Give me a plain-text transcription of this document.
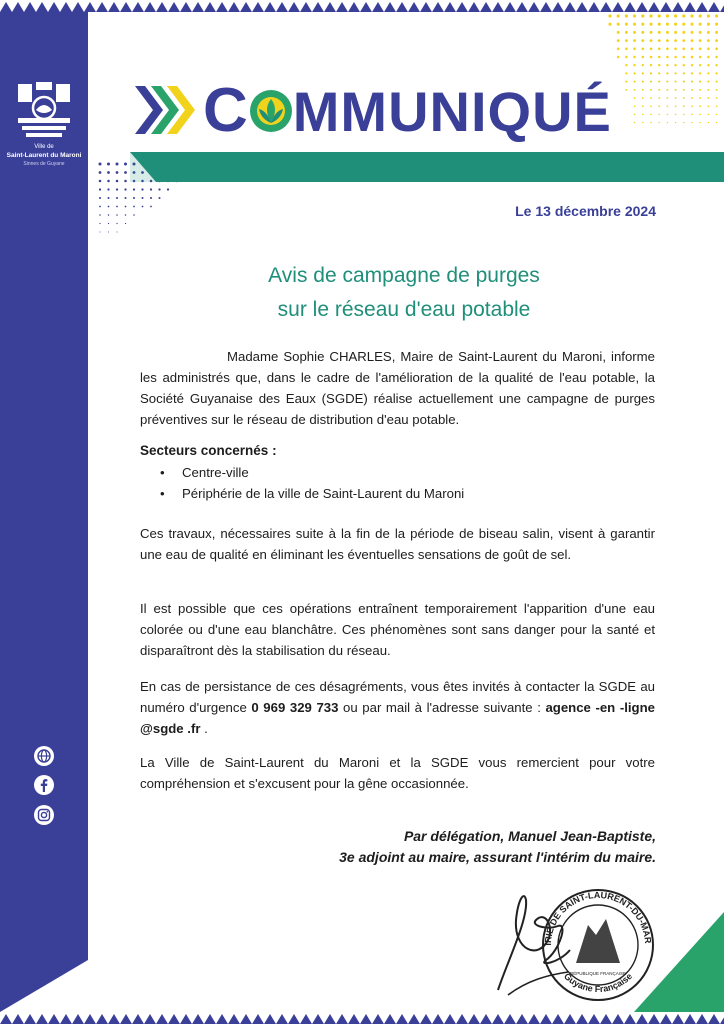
Ville de
Saint-Laurent du Maroni
Sinnes de Guyane
C MMUNIQUÉ
Le 13 décembre 2024
Avis de campagne de purges
sur le réseau d'eau potable
Madame Sophie CHARLES, Maire de Saint-Laurent du Maroni, informe les administrés que, dans le cadre de l'amélioration de la qualité de l'eau potable, la Société Guyanaise des Eaux (SGDE) réalise actuellement une campagne de purges préventives sur le réseau de distribution d'eau potable.
Secteurs concernés :
• Centre-ville
• Périphérie de la ville de Saint-Laurent du Maroni
Ces travaux, nécessaires suite à la fin de la période de biseau salin, visent à garantir une eau de qualité en éliminant les éventuelles sensations de goût de sel.
Il est possible que ces opérations entraînent temporairement l'apparition d'une eau colorée ou d'une eau blanchâtre. Ces phénomènes sont sans danger pour la santé et disparaîtront dès la stabilisation du réseau.
En cas de persistance de ces désagréments, vous êtes invités à contacter la SGDE au numéro d'urgence 0 969 329 733 ou par mail à l'adresse suivante : agence -en -ligne @sgde .fr .
La Ville de Saint-Laurent du Maroni et la SGDE vous remercient pour votre compréhension et s'excusent pour la gêne occasionnée.
Par délégation, Manuel Jean-Baptiste,
3e adjoint au maire, assurant l'intérim du maire.
IRIE DE SAINT-LAURENT-DU-MAR
Guyane Française
RÉPUBLIQUE FRANÇAISE
